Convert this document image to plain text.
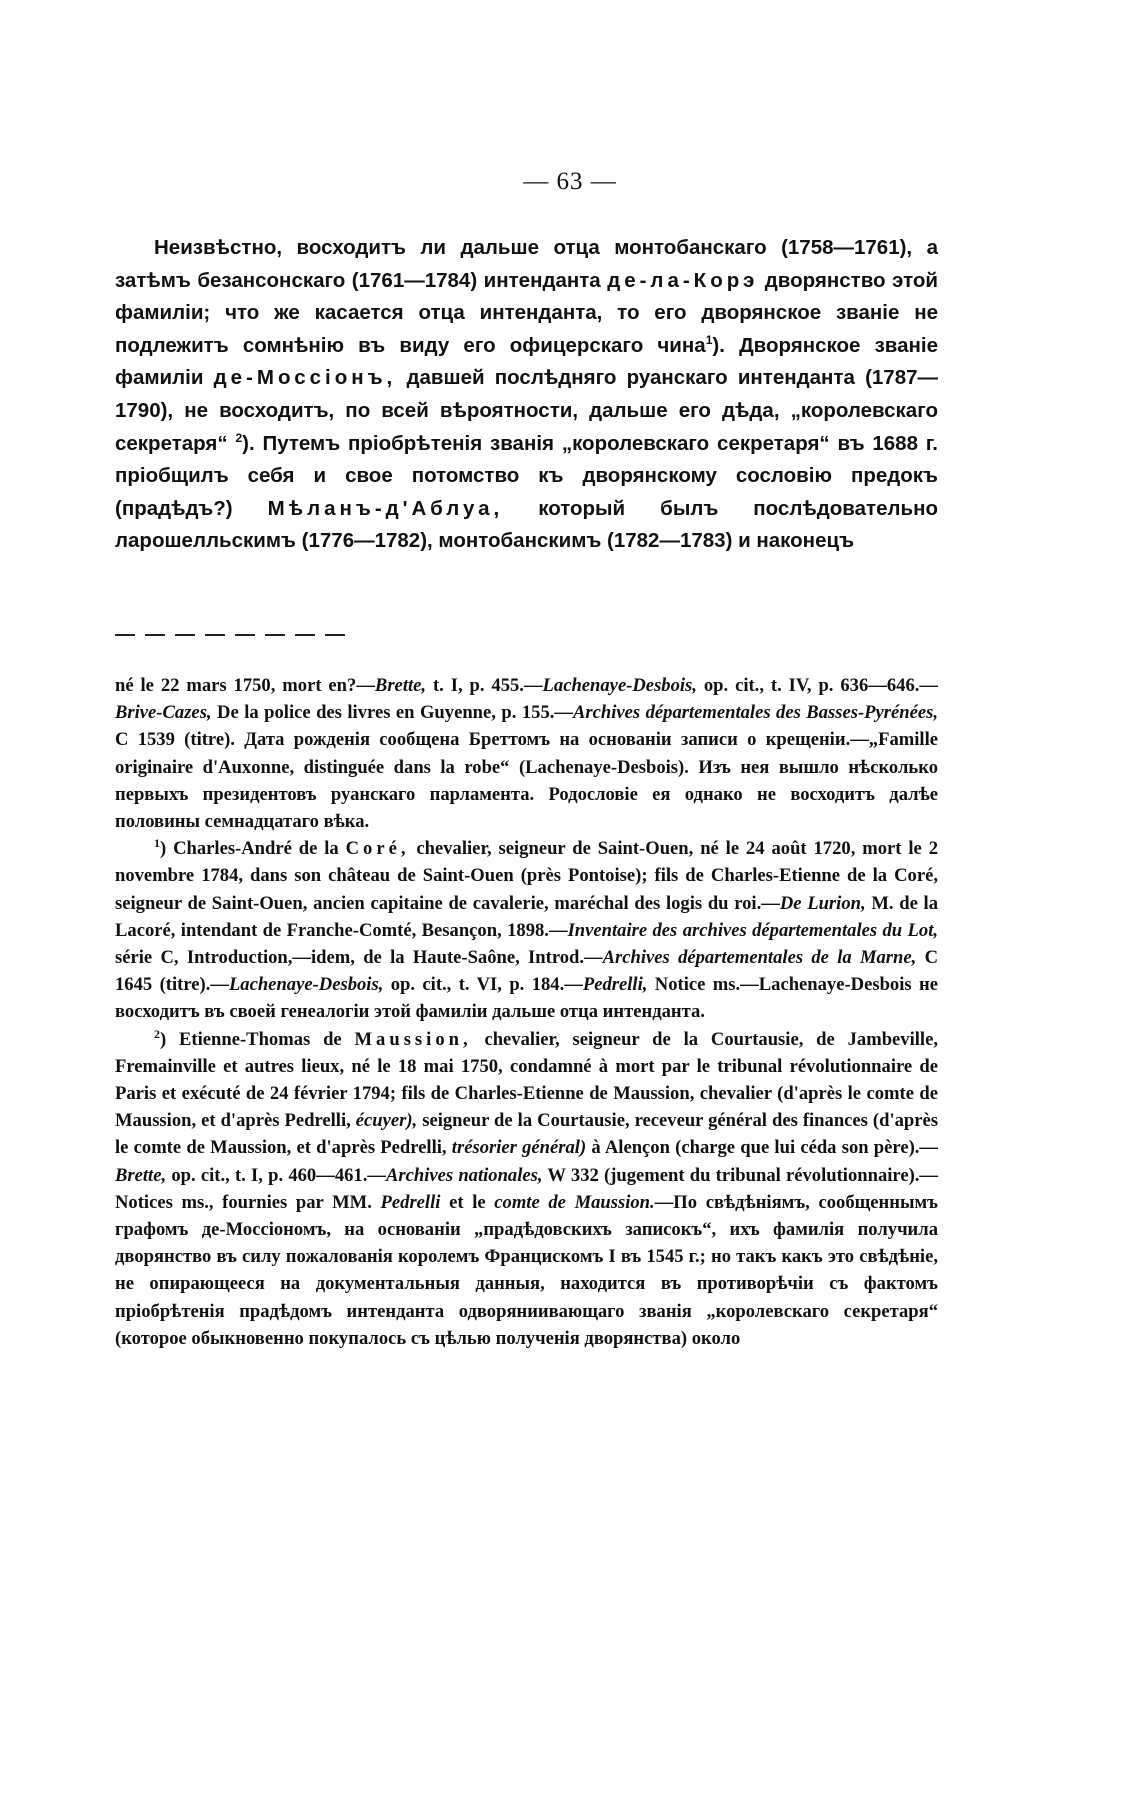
— 63 —

Неизвѣстно, восходитъ ли дальше отца монтобанскаго (1758—1761), а затѣмъ безансонскаго (1761—1784) интенданта де-ла-Корэ дворянство этой фамиліи; что же касается отца интенданта, то его дворянское званіе не подлежитъ сомнѣнію въ виду его офицерскаго чина$^1$). Дворянское званіе фамиліи де-Моссіонъ, давшей послѣдняго руанскаго интенданта (1787—1790), не восходитъ, по всей вѣроятности, дальше его дѣда, „королевскаго секретаря“ $^2$). Путемъ пріобрѣтенія званія „королевскаго секретаря“ въ 1688 г. пріобщилъ себя и свое потомство къ дворянскому сословію предокъ (прадѣдъ?) Мѣланъ-д'Аблуа, который былъ послѣдовательно ларошелльскимъ (1776—1782), монтобанскимъ (1782—1783) и наконецъ

né le 22 mars 1750, mort en?—Brette, t. I, p. 455.—Lachenaye-Desbois, op. cit., t. IV, p. 636—646.—Brive-Cazes, De la police des livres en Guyenne, p. 155.—Archives départementales des Basses-Pyrénées, C 1539 (titre). Дата рожденія сообщена Бреттомъ на основаніи записи о крещеніи.—„Famille originaire d'Auxonne, distinguée dans la robe“ (Lachenaye-Desbois). Изъ нея вышло нѣсколько первыхъ президентовъ руанскаго парламента. Родословіе ея однако не восходитъ далѣе половины семнадцатаго вѣка.

$^1$) Charles-André de la Coré, chevalier, seigneur de Saint-Ouen, né le 24 août 1720, mort le 2 novembre 1784, dans son château de Saint-Ouen (près Pontoise); fils de Charles-Etienne de la Coré, seigneur de Saint-Ouen, ancien capitaine de cavalerie, maréchal des logis du roi.—De Lurion, M. de la Lacoré, intendant de Franche-Comté, Besançon, 1898.—Inventaire des archives départementales du Lot, série C, Introduction,—idem, de la Haute-Saône, Introd.—Archives départementales de la Marne, C 1645 (titre).—Lachenaye-Desbois, op. cit., t. VI, p. 184.—Pedrelli, Notice ms.—Lachenaye-Desbois не восходитъ въ своей генеалогіи этой фамиліи дальше отца интенданта.

$^2$) Etienne-Thomas de Maussion, chevalier, seigneur de la Courtausie, de Jambeville, Fremainville et autres lieux, né le 18 mai 1750, condamné à mort par le tribunal révolutionnaire de Paris et exécuté de 24 février 1794; fils de Charles-Etienne de Maussion, chevalier (d'après le comte de Maussion, et d'après Pedrelli, écuyer), seigneur de la Courtausie, receveur général des finances (d'après le comte de Maussion, et d'après Pedrelli, trésorier général) à Alençon (charge que lui céda son père).—Brette, op. cit., t. I, p. 460—461.—Archives nationales, W 332 (jugement du tribunal révolutionnaire).—Notices ms., fournies par MM. Pedrelli et le comte de Maussion.—По свѣдѣніямъ, сообщеннымъ графомъ де-Моссіономъ, на основаніи „прадѣдовскихъ записокъ“, ихъ фамилія получила дворянство въ силу пожалованія королемъ Францискомъ I въ 1545 г.; но такъ какъ это свѣдѣніе, не опирающееся на документальныя данныя, находится въ противорѣчіи съ фактомъ пріобрѣтенія прадѣдомъ интенданта одворяниивающаго званія „королевскаго секретаря“ (которое обыкновенно покупалось съ цѣлью полученія дворянства) около
